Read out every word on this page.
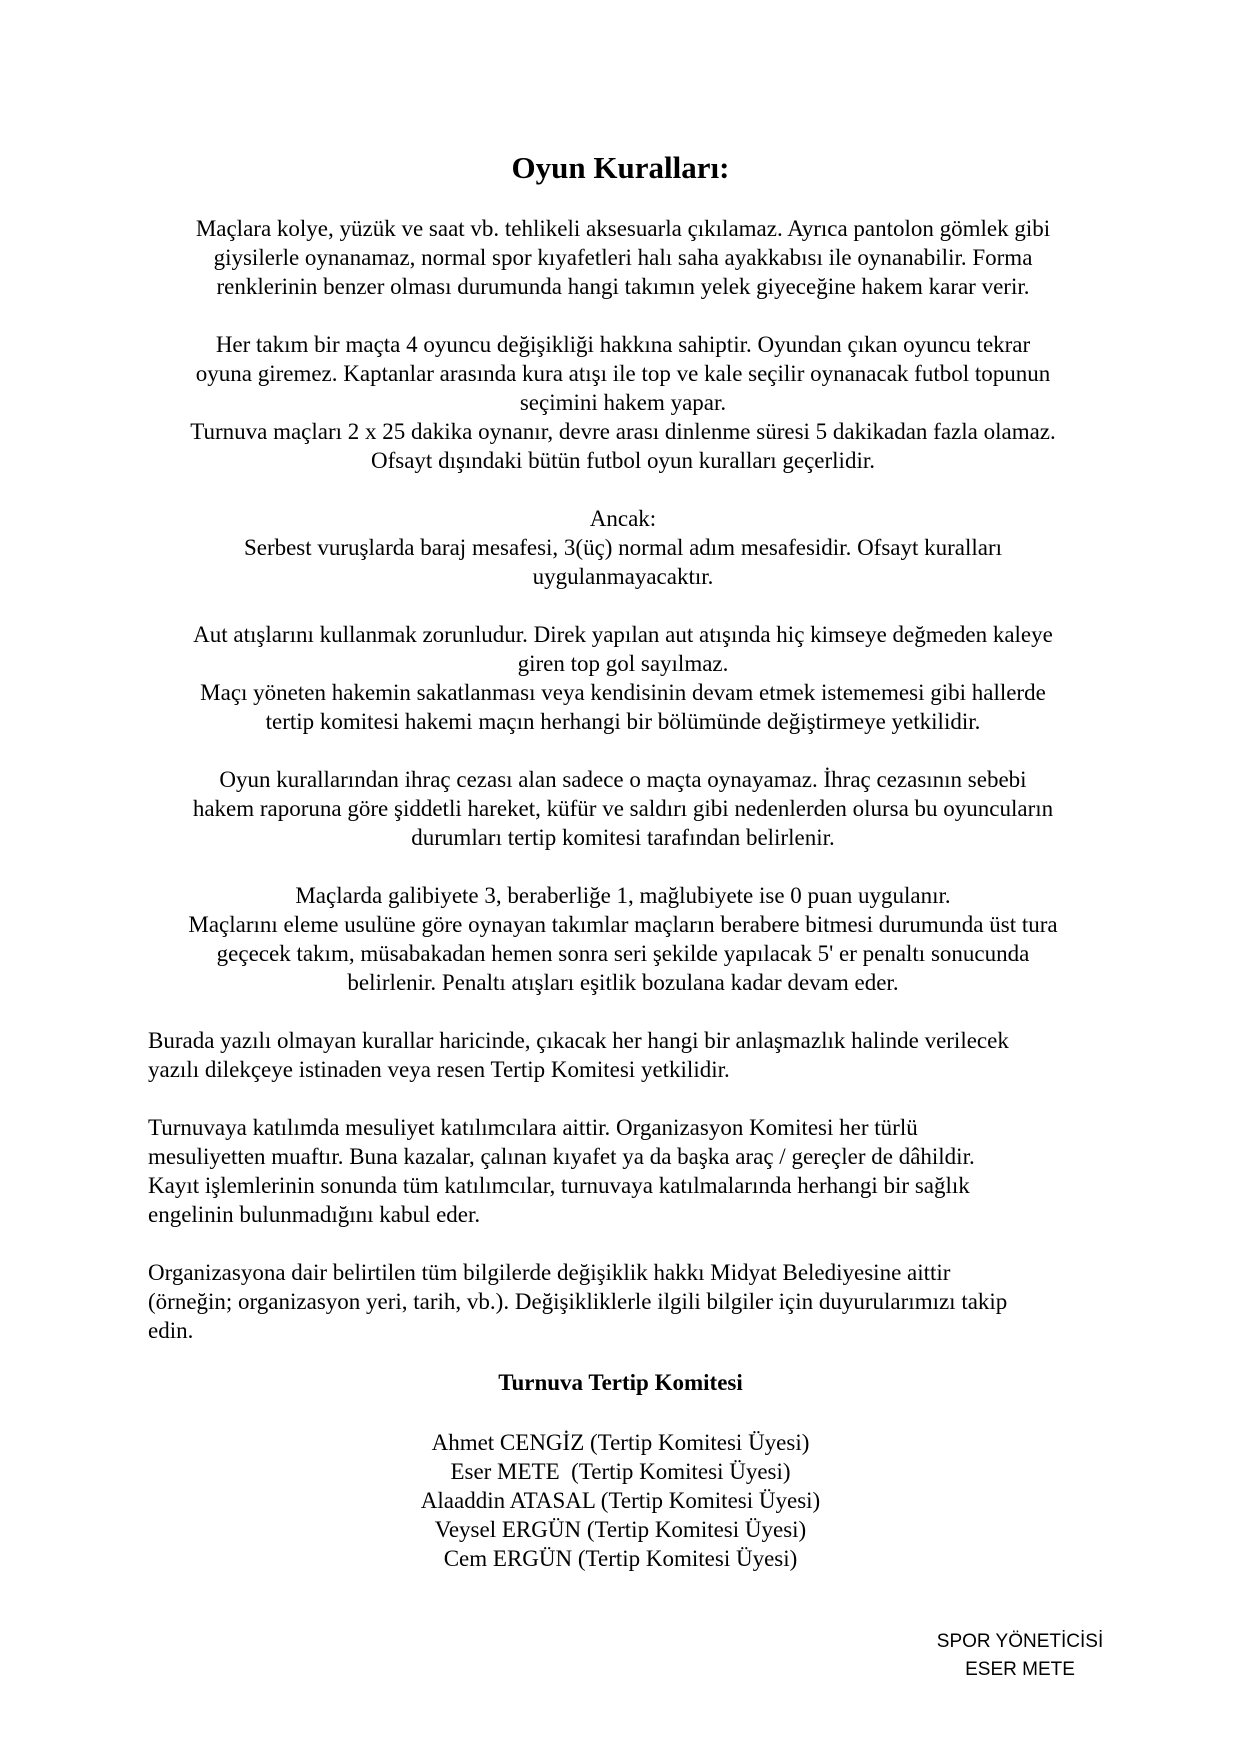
Oyun Kuralları:
Maçlara kolye, yüzük ve saat vb. tehlikeli aksesuarla çıkılamaz. Ayrıca pantolon gömlek gibi
giysilerle oynanamaz, normal spor kıyafetleri halı saha ayakkabısı ile oynanabilir. Forma
renklerinin benzer olması durumunda hangi takımın yelek giyeceğine hakem karar verir.
Her takım bir maçta 4 oyuncu değişikliği hakkına sahiptir. Oyundan çıkan oyuncu tekrar
oyuna giremez. Kaptanlar arasında kura atışı ile top ve kale seçilir oynanacak futbol topunun
seçimini hakem yapar.
Turnuva maçları 2 x 25 dakika oynanır, devre arası dinlenme süresi 5 dakikadan fazla olamaz.
Ofsayt dışındaki bütün futbol oyun kuralları geçerlidir.
Ancak:
Serbest vuruşlarda baraj mesafesi, 3(üç) normal adım mesafesidir. Ofsayt kuralları
uygulanmayacaktır.
Aut atışlarını kullanmak zorunludur. Direk yapılan aut atışında hiç kimseye değmeden kaleye
giren top gol sayılmaz.
Maçı yöneten hakemin sakatlanması veya kendisinin devam etmek istememesi gibi hallerde
tertip komitesi hakemi maçın herhangi bir bölümünde değiştirmeye yetkilidir.
Oyun kurallarından ihraç cezası alan sadece o maçta oynayamaz. İhraç cezasının sebebi
hakem raporuna göre şiddetli hareket, küfür ve saldırı gibi nedenlerden olursa bu oyuncuların
durumları tertip komitesi tarafından belirlenir.
Maçlarda galibiyete 3, beraberliğe 1, mağlubiyete ise 0 puan uygulanır.
Maçlarını eleme usulüne göre oynayan takımlar maçların berabere bitmesi durumunda üst tura
geçecek takım, müsabakadan hemen sonra seri şekilde yapılacak 5' er penaltı sonucunda
belirlenir. Penaltı atışları eşitlik bozulana kadar devam eder.
Burada yazılı olmayan kurallar haricinde, çıkacak her hangi bir anlaşmazlık halinde verilecek
yazılı dilekçeye istinaden veya resen Tertip Komitesi yetkilidir.
Turnuvaya katılımda mesuliyet katılımcılara aittir. Organizasyon Komitesi her türlü
mesuliyetten muaftır. Buna kazalar, çalınan kıyafet ya da başka araç / gereçler de dâhildir.
Kayıt işlemlerinin sonunda tüm katılımcılar, turnuvaya katılmalarında herhangi bir sağlık
engelinin bulunmadığını kabul eder.
Organizasyona dair belirtilen tüm bilgilerde değişiklik hakkı Midyat Belediyesine aittir
(örneğin; organizasyon yeri, tarih, vb.). Değişikliklerle ilgili bilgiler için duyurularımızı takip
edin.
Turnuva Tertip Komitesi
Ahmet CENGİZ (Tertip Komitesi Üyesi)
Eser METE  (Tertip Komitesi Üyesi)
Alaaddin ATASAL (Tertip Komitesi Üyesi)
Veysel ERGÜN (Tertip Komitesi Üyesi)
Cem ERGÜN (Tertip Komitesi Üyesi)
SPOR YÖNETİCİSİ
ESER METE
